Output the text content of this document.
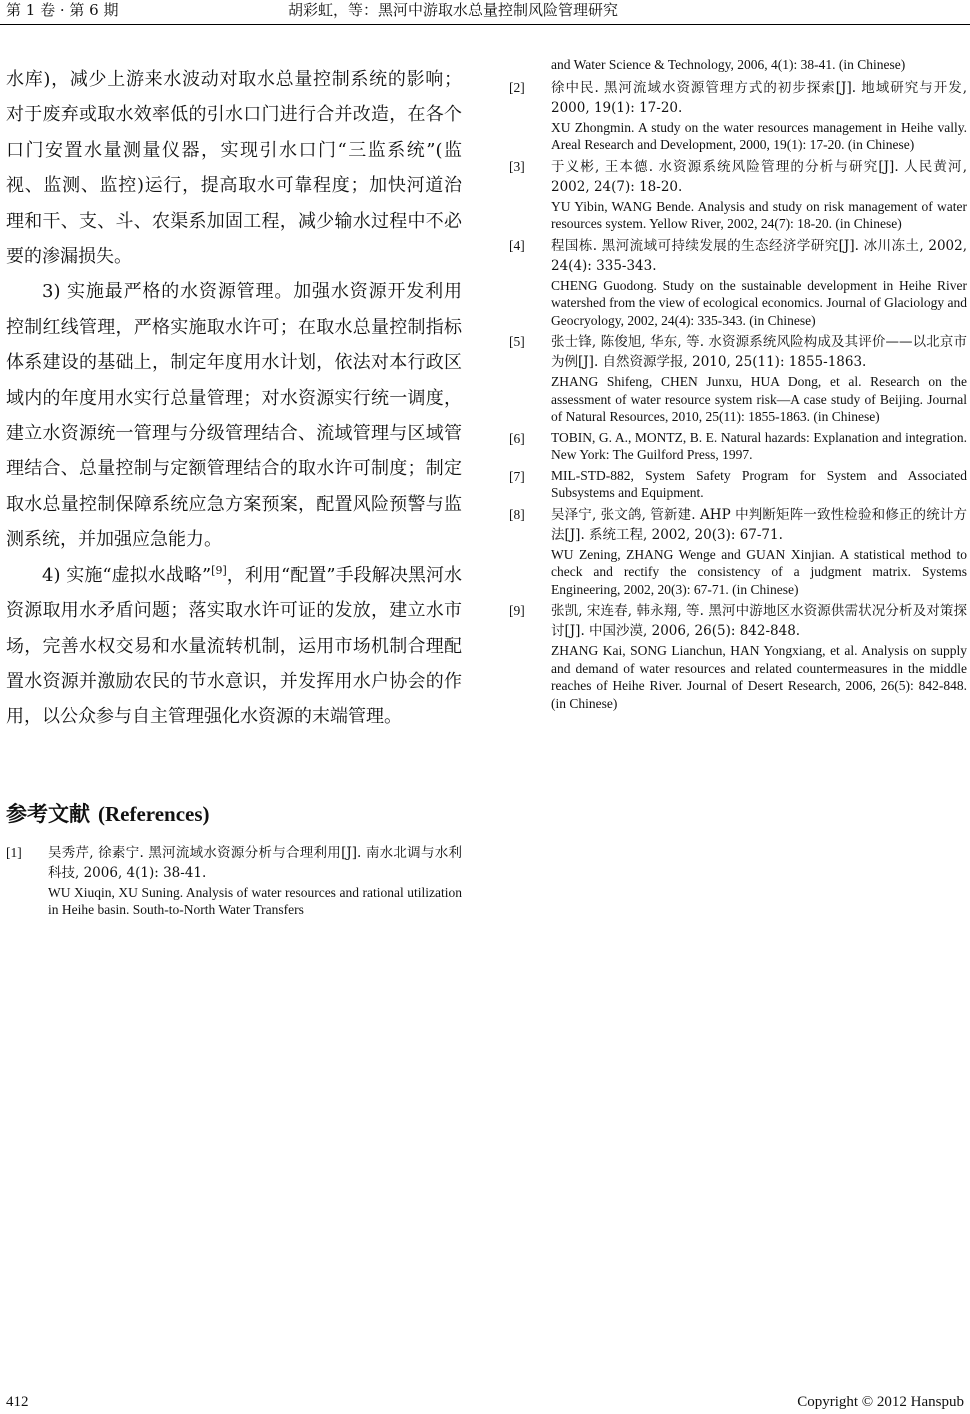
第 1 卷 · 第 6 期	胡彩虹，等：黑河中游取水总量控制风险管理研究

水库)，减少上游来水波动对取水总量控制系统的影响；对于废弃或取水效率低的引水口门进行合并改造，在各个口门安置水量测量仪器，实现引水口门“三监系统”(监视、监测、监控)运行，提高取水可靠程度；加快河道治理和干、支、斗、农渠系加固工程，减少输水过程中不必要的渗漏损失。

3) 实施最严格的水资源管理。加强水资源开发利用控制红线管理，严格实施取水许可；在取水总量控制指标体系建设的基础上，制定年度用水计划，依法对本行政区域内的年度用水实行总量管理；对水资源实行统一调度，建立水资源统一管理与分级管理结合、流域管理与区域管理结合、总量控制与定额管理结合的取水许可制度；制定取水总量控制保障系统应急方案预案，配置风险预警与监测系统，并加强应急能力。

4) 实施“虚拟水战略”[9]，利用“配置”手段解决黑河水资源取用水矛盾问题；落实取水许可证的发放，建立水市场，完善水权交易和水量流转机制，运用市场机制合理配置水资源并激励农民的节水意识，并发挥用水户协会的作用，以公众参与自主管理强化水资源的末端管理。

参考文献 (References)
[1] 吴秀芹, 徐素宁. 黑河流域水资源分析与合理利用[J]. 南水北调与水利科技, 2006, 4(1): 38-41.
WU Xiuqin, XU Suning. Analysis of water resources and rational utilization in Heihe basin. South-to-North Water Transfers
and Water Science & Technology, 2006, 4(1): 38-41. (in Chinese)
[2] 徐中民. 黑河流域水资源管理方式的初步探索[J]. 地域研究与开发, 2000, 19(1): 17-20.
XU Zhongmin. A study on the water resources management in Heihe vally. Areal Research and Development, 2000, 19(1): 17-20. (in Chinese)
[3] 于义彬, 王本德. 水资源系统风险管理的分析与研究[J]. 人民黄河, 2002, 24(7): 18-20.
YU Yibin, WANG Bende. Analysis and study on risk management of water resources system. Yellow River, 2002, 24(7): 18-20. (in Chinese)
[4] 程国栋. 黑河流域可持续发展的生态经济学研究[J]. 冰川冻土, 2002, 24(4): 335-343.
CHENG Guodong. Study on the sustainable development in Heihe River watershed from the view of ecological economics. Journal of Glaciology and Geocryology, 2002, 24(4): 335-343. (in Chinese)
[5] 张士锋, 陈俊旭, 华东, 等. 水资源系统风险构成及其评价——以北京市为例[J]. 自然资源学报, 2010, 25(11): 1855-1863.
ZHANG Shifeng, CHEN Junxu, HUA Dong, et al. Research on the assessment of water resource system risk—A case study of Beijing. Journal of Natural Resources, 2010, 25(11): 1855-1863. (in Chinese)
[6] TOBIN, G. A., MONTZ, B. E. Natural hazards: Explanation and integration. New York: The Guilford Press, 1997.
[7] MIL-STD-882, System Safety Program for System and Associated Subsystems and Equipment.
[8] 吴泽宁, 张文鸽, 管新建. AHP 中判断矩阵一致性检验和修正的统计方法[J]. 系统工程, 2002, 20(3): 67-71.
WU Zening, ZHANG Wenge and GUAN Xinjian. A statistical method to check and rectify the consistency of a judgment matrix. Systems Engineering, 2002, 20(3): 67-71. (in Chinese)
[9] 张凯, 宋连春, 韩永翔, 等. 黑河中游地区水资源供需状况分析及对策探讨[J]. 中国沙漠, 2006, 26(5): 842-848.
ZHANG Kai, SONG Lianchun, HAN Yongxiang, et al. Analysis on supply and demand of water resources and related countermeasures in the middle reaches of Heihe River. Journal of Desert Research, 2006, 26(5): 842-848. (in Chinese)
412	Copyright © 2012 Hanspub
